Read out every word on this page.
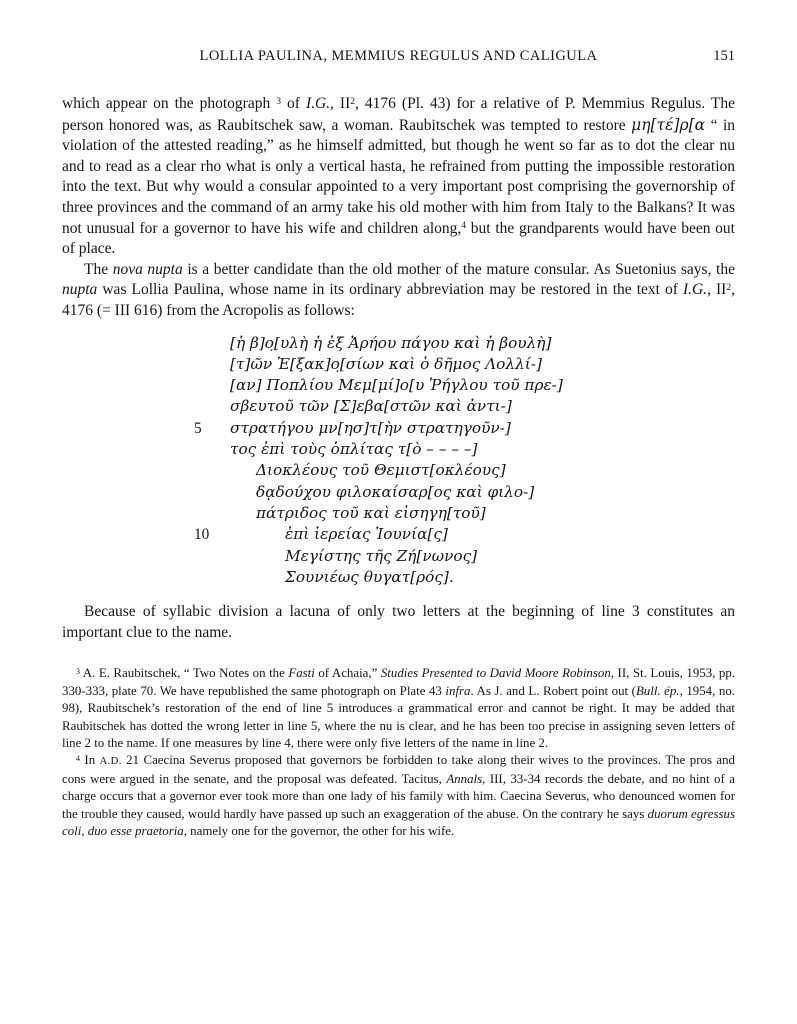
LOLLIA PAULINA, MEMMIUS REGULUS AND CALIGULA	151

which appear on the photograph $^3$ of I.G., $II^2$, 4176 (Pl. 43) for a relative of P. Memmius Regulus. The person honored was, as Raubitschek saw, a woman. Raubitschek was tempted to restore μη[τέ]ρ[α “ in violation of the attested reading,” as he himself admitted, but though he went so far as to dot the clear nu and to read as a clear rho what is only a vertical hasta, he refrained from putting the impossible restoration into the text. But why would a consular appointed to a very important post comprising the governorship of three provinces and the command of an army take his old mother with him from Italy to the Balkans? It was not unusual for a governor to have his wife and children along,$^4$ but the grandparents would have been out of place.

The nova nupta is a better candidate than the old mother of the mature consular. As Suetonius says, the nupta was Lollia Paulina, whose name in its ordinary abbreviation may be restored in the text of I.G., $II^2$, 4176 (= III 616) from the Acropolis as follows:

[ἡ β]ο̣[υλὴ ἡ ἐξ Ἀρήου πάγου καὶ ἡ βουλὴ]
[τ]ῶν Ἑ[ξακ]ο̣[σίων καὶ ὁ δῆμος Λολλί-]
[αν] Ποπλίου Μεμ[μί]ο[υ Ῥήγλου τοῦ πρε-]
σβευτοῦ τῶν [Σ]εβα[στῶν καὶ ἀντι-]
5	στρατήγου μν[ησ]τ[ὴν στρατηγοῦν-]
τος ἐπὶ τοὺς ὁπλίτας τ[ὸ – – – –]
Διοκλέους τοῦ Θεμιστ[οκλέους]
δᾳδούχου φιλοκαίσαρ[ος καὶ φιλο-]
πάτριδος τοῦ καὶ εἰσηγη[τοῦ]
10	ἐπὶ ἱερείας Ἰουνία[ς]
Μεγίστης τῆς Ζή[νωνος]
Σουνιέως θυγατ[ρός].

Because of syllabic division a lacuna of only two letters at the beginning of line 3 constitutes an important clue to the name.

$^3$ A. E. Raubitschek, “ Two Notes on the Fasti of Achaia,” Studies Presented to David Moore Robinson, II, St. Louis, 1953, pp. 330-333, plate 70. We have republished the same photograph on Plate 43 infra. As J. and L. Robert point out (Bull. ép., 1954, no. 98), Raubitschek’s restoration of the end of line 5 introduces a grammatical error and cannot be right. It may be added that Raubitschek has dotted the wrong letter in line 5, where the nu is clear, and he has been too precise in assigning seven letters of line 2 to the name. If one measures by line 4, there were only five letters of the name in line 2.

$^4$ In A.D. 21 Caecina Severus proposed that governors be forbidden to take along their wives to the provinces. The pros and cons were argued in the senate, and the proposal was defeated. Tacitus, Annals, III, 33-34 records the debate, and no hint of a charge occurs that a governor ever took more than one lady of his family with him. Caecina Severus, who denounced women for the trouble they caused, would hardly have passed up such an exaggeration of the abuse. On the contrary he says duorum egressus coli, duo esse praetoria, namely one for the governor, the other for his wife.
